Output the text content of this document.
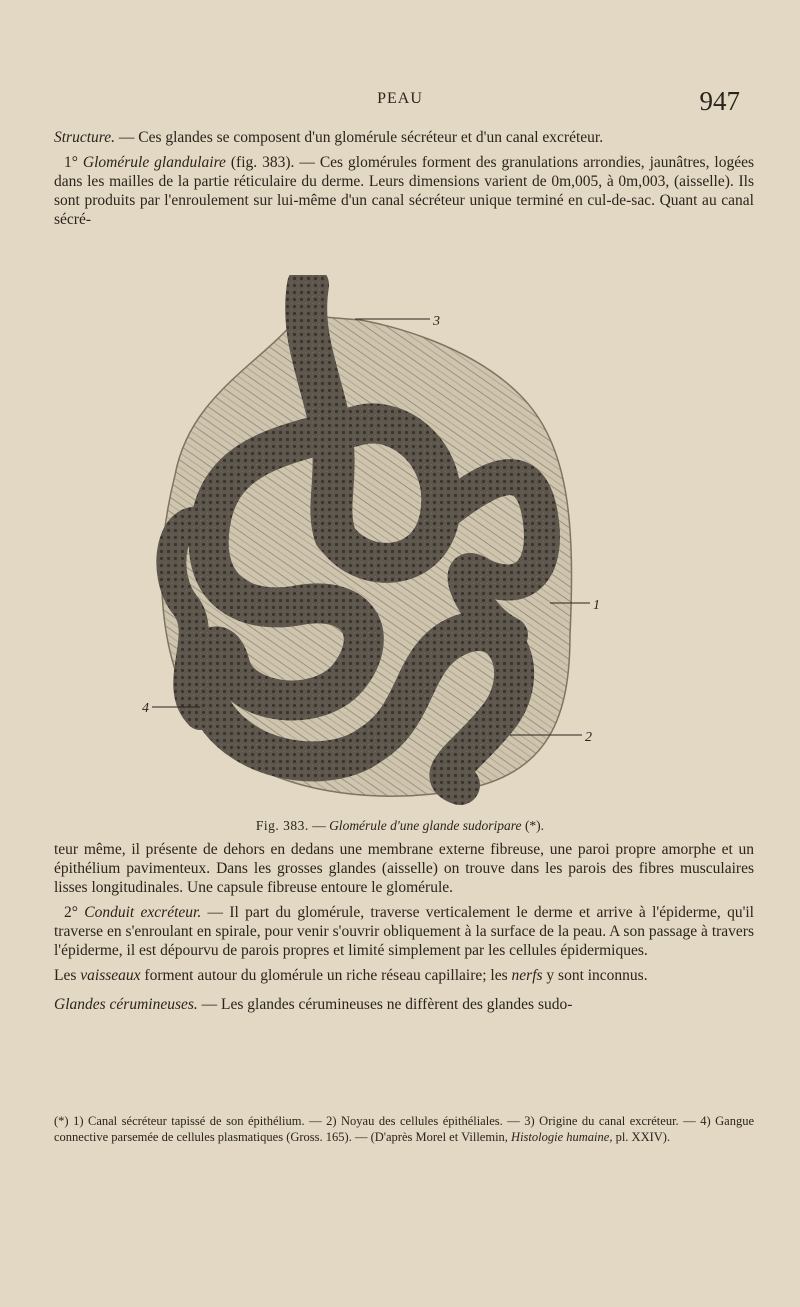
PEAU	947

Structure. — Ces glandes se composent d'un glomérule sécréteur et d'un canal excréteur.

1° Glomérule glandulaire (fig. 383). — Ces glomérules forment des granulations arrondies, jaunâtres, logées dans les mailles de la partie réticulaire du derme. Leurs dimensions varient de 0m,005, à 0m,003, (aisselle). Ils sont produits par l'enroulement sur lui-même d'un canal sécréteur unique terminé en cul-de-sac. Quant au canal sécré-

3
1
4
2
Fig. 383. — Glomérule d'une glande sudoripare (*).

teur même, il présente de dehors en dedans une membrane externe fibreuse, une paroi propre amorphe et un épithélium pavimenteux. Dans les grosses glandes (aisselle) on trouve dans les parois des fibres musculaires lisses longitudinales. Une capsule fibreuse entoure le glomérule.

2° Conduit excréteur. — Il part du glomérule, traverse verticalement le derme et arrive à l'épiderme, qu'il traverse en s'enroulant en spirale, pour venir s'ouvrir obliquement à la surface de la peau. A son passage à travers l'épiderme, il est dépourvu de parois propres et limité simplement par les cellules épidermiques.

Les vaisseaux forment autour du glomérule un riche réseau capillaire; les nerfs y sont inconnus.

Glandes cérumineuses. — Les glandes cérumineuses ne diffèrent des glandes sudo-

(*) 1) Canal sécréteur tapissé de son épithélium. — 2) Noyau des cellules épithéliales. — 3) Origine du canal excréteur. — 4) Gangue connective parsemée de cellules plasmatiques (Gross. 165). — (D'après Morel et Villemin, Histologie humaine, pl. XXIV).
